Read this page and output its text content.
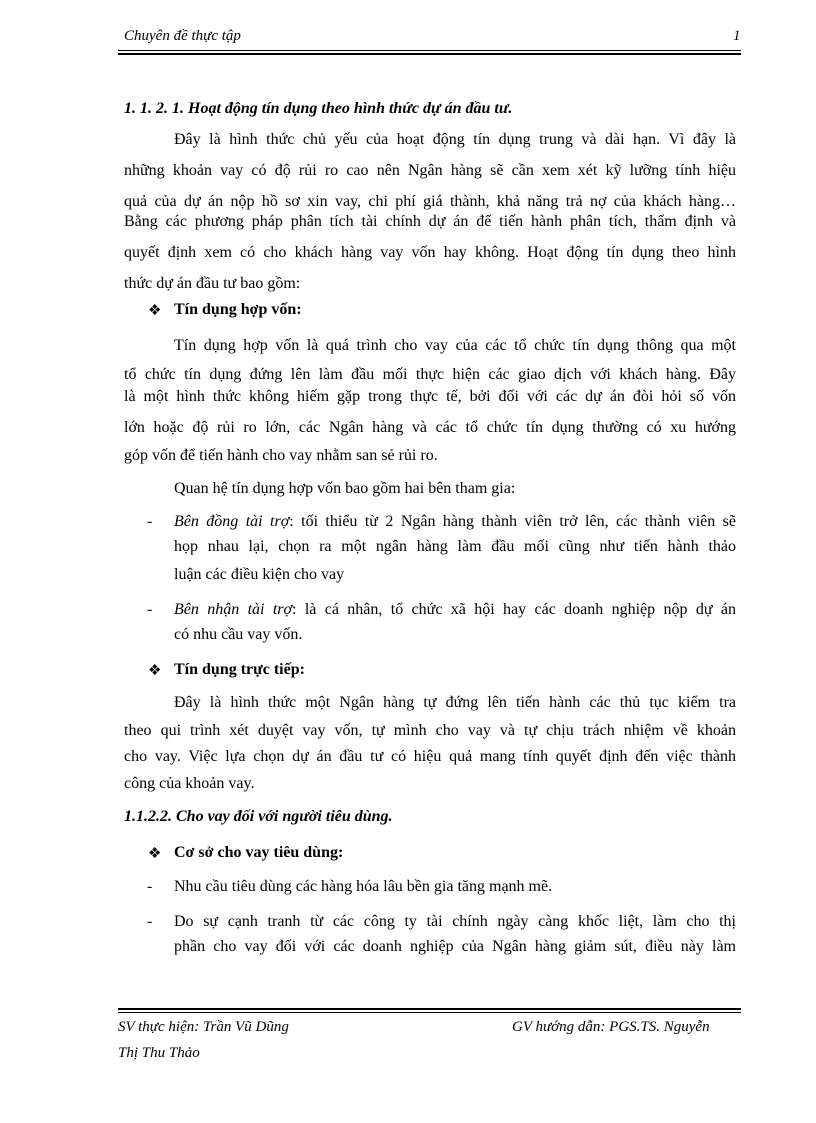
Chuyên đề thực tập	1
1. 1. 2. 1. Hoạt động tín dụng theo hình thức dự án đầu tư.
Đây là hình thức chủ yếu của hoạt động tín dụng trung và dài hạn. Vì đây là
những khoản vay có độ rủi ro cao nên Ngân hàng sẽ cần xem xét kỹ lưỡng tính hiệu
quả của dự án nộp hồ sơ xin vay, chi phí giá thành, khả năng trả nợ của khách hàng…
Bằng các phương pháp phân tích tài chính dự án để tiến hành phân tích, thẩm định và
quyết định xem có cho khách hàng vay vốn hay không. Hoạt động tín dụng theo hình
thức dự án đầu tư bao gồm:
❖ Tín dụng hợp vốn:
Tín dụng hợp vốn là quá trình cho vay của các tổ chức tín dụng thông qua một
tổ chức tín dụng đứng lên làm đầu mối thực hiện các giao dịch với khách hàng. Đây
là một hình thức không hiếm gặp trong thực tế, bởi đối với các dự án đòi hỏi số vốn
lớn hoặc độ rủi ro lớn, các Ngân hàng và các tổ chức tín dụng thường có xu hướng
góp vốn để tiến hành cho vay nhằm san sẻ rủi ro.
Quan hệ tín dụng hợp vốn bao gồm hai bên tham gia:
- Bên đồng tài trợ: tối thiểu từ 2 Ngân hàng thành viên trở lên, các thành viên sẽ
họp nhau lại, chọn ra một ngân hàng làm đầu mối cũng như tiến hành thảo
luận các điều kiện cho vay
- Bên nhận tài trợ: là cá nhân, tổ chức xã hội hay các doanh nghiệp nộp dự án
có nhu cầu vay vốn.
❖ Tín dụng trực tiếp:
Đây là hình thức một Ngân hàng tự đứng lên tiến hành các thủ tục kiểm tra
theo qui trình xét duyệt vay vốn, tự mình cho vay và tự chịu trách nhiệm về khoản
cho vay. Việc lựa chọn dự án đầu tư có hiệu quả mang tính quyết định đến việc thành
công của khoản vay.
1.1.2.2. Cho vay đối với người tiêu dùng.
❖ Cơ sở cho vay tiêu dùng:
- Nhu cầu tiêu dùng các hàng hóa lâu bền gia tăng mạnh mẽ.
- Do sự cạnh tranh từ các công ty tài chính ngày càng khốc liệt, làm cho thị
phần cho vay đối với các doanh nghiệp của Ngân hàng giảm sút, điều này làm
SV thực hiện: Trần Vũ Dũng	GV hướng dẫn: PGS.TS. Nguyễn
Thị Thu Thảo
